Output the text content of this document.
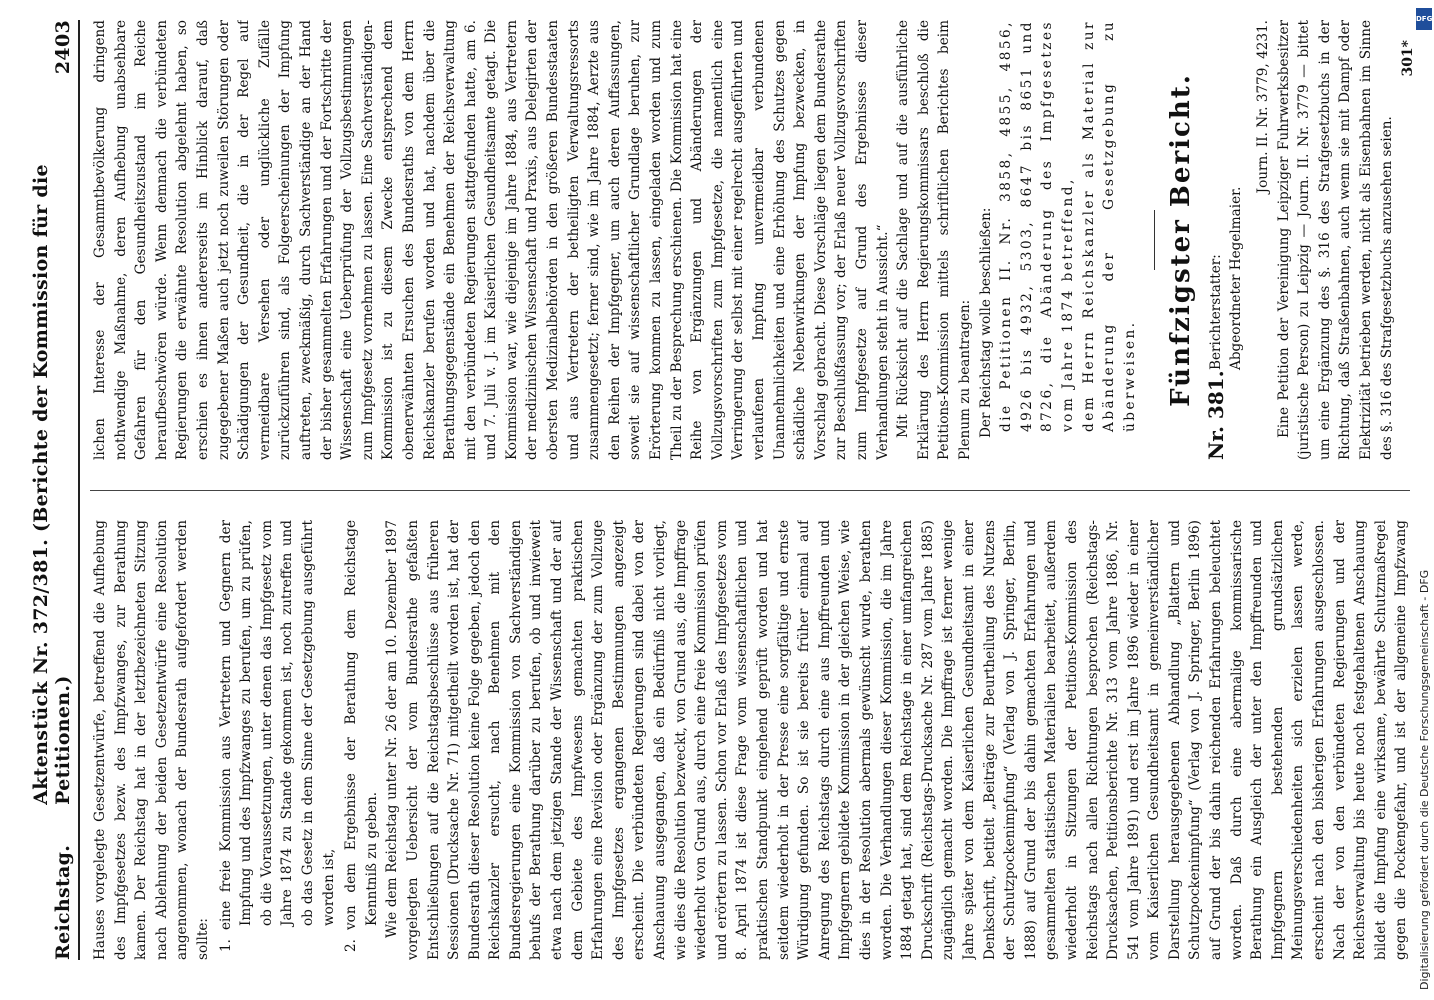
Reichstag.
Aktenstück Nr. 372/381. (Berichte der Kommission für die Petitionen.)
2403

Hauses vorgelegte Gesetzentwürfe, betreffend die Aufhebung des Impfgesetzes bezw. des Impfzwanges, zur Berathung kamen. Der Reichstag hat in der letztbezeichneten Sitzung nach Ablehnung der beiden Gesetzentwürfe eine Resolution angenommen, wonach der Bundesrath aufgefordert werden sollte: 1.eine freie Kommission aus Vertretern und Gegnern der Impfung und des Impfzwanges zu berufen, um zu prüfen, ob die Voraussetzungen, unter denen das Impfgesetz vom Jahre 1874 zu Stande gekommen ist, noch zutreffen und ob das Gesetz in dem Sinne der Gesetzgebung ausgeführt worden ist,

2.von dem Ergebnisse der Berathung dem Reichstage Kenntniß zu geben. Wie dem Reichstag unter Nr. 26 der am 10. Dezember 1897 vorgelegten Uebersicht der vom Bundesrathe gefaßten Entschließungen auf die Reichstagsbeschlüsse aus früheren Sessionen (Drucksache Nr. 71) mitgetheilt worden ist, hat der Bundesrath dieser Resolution keine Folge gegeben, jedoch den Reichskanzler ersucht, nach Benehmen mit den Bundesregierungen eine Kommission von Sachverständigen behufs der Berathung darüber zu berufen, ob und inwieweit etwa nach dem jetzigen Stande der Wissenschaft und der auf dem Gebiete des Impfwesens gemachten praktischen Erfahrungen eine Revision oder Ergänzung der zum Vollzuge des Impfgesetzes ergangenen Bestimmungen angezeigt erscheint. Die verbündeten Regierungen sind dabei von der Anschauung ausgegangen, daß ein Bedürfniß nicht vorliegt, wie dies die Resolution bezweckt, von Grund aus, die Impffrage wiederholt von Grund aus, durch eine freie Kommission prüfen und erörtern zu lassen. Schon vor Erlaß des Impfgesetzes vom 8. April 1874 ist diese Frage vom wissenschaftlichen und praktischen Standpunkt eingehend geprüft worden und hat seitdem wiederholt in der Presse eine sorgfältige und ernste Würdigung gefunden. So ist sie bereits früher einmal auf Anregung des Reichstags durch eine aus Impffreunden und Impfgegnern gebildete Kommission in der gleichen Weise, wie dies in der Resolution abermals gewünscht wurde, berathen worden. Die Verhandlungen dieser Kommission, die im Jahre 1884 getagt hat, sind dem Reichstage in einer umfangreichen Druckschrift (Reichstags-Drucksache Nr. 287 vom Jahre 1885) zugänglich gemacht worden. Die Impffrage ist ferner wenige Jahre später von dem Kaiserlichen Gesundheitsamt in einer Denkschrift, betitelt „Beiträge zur Beurtheilung des Nutzens der Schutzpockenimpfung“ (Verlag von J. Springer, Berlin, 1888) auf Grund der bis dahin gemachten Erfahrungen und gesammelten statistischen Materialien bearbeitet, außerdem wiederholt in Sitzungen der Petitions-Kommission des Reichstags nach allen Richtungen besprochen (Reichstags-Drucksachen, Petitionsberichte Nr. 313 vom Jahre 1886, Nr. 541 vom Jahre 1891) und erst im Jahre 1896 wieder in einer vom Kaiserlichen Gesundheitsamt in gemeinverständlicher Darstellung herausgegebenen Abhandlung „Blattern und Schutzpockenimpfung“ (Verlag von J. Springer, Berlin 1896) auf Grund der bis dahin reichenden Erfahrungen beleuchtet worden. Daß durch eine abermalige kommissarische Berathung ein Ausgleich der unter den Impffreunden und Impfgegnern bestehenden grundsätzlichen Meinungsverschiedenheiten sich erzielen lassen werde, erscheint nach den bisherigen Erfahrungen ausgeschlossen. Nach der von den verbündeten Regierungen und der Reichsverwaltung bis heute noch festgehaltenen Anschauung bildet die Impfung eine wirksame, bewährte Schutzmaßregel gegen die Pockengefahr, und ist der allgemeine Impfzwang

lichen Interesse der Gesammtbevölkerung dringend nothwendige Maßnahme, deren Aufhebung unabsehbare Gefahren für den Gesundheitszustand im Reiche heraufbeschwören würde. Wenn demnach die verbündeten Regierungen die erwähnte Resolution abgelehnt haben, so erschien es ihnen andererseits im Hinblick darauf, daß zugegebener Maßen auch jetzt noch zuweilen Störungen oder Schädigungen der Gesundheit, die in der Regel auf vermeidbare Versehen oder unglückliche Zufälle zurückzuführen sind, als Folgeerscheinungen der Impfung auftreten, zweckmäßig, durch Sachverständige an der Hand der bisher gesammelten Erfahrungen und der Fortschritte der Wissenschaft eine Ueberprüfung der Vollzugsbestimmungen zum Impfgesetz vornehmen zu lassen. Eine Sachverständigen-Kommission ist zu diesem Zwecke entsprechend dem obenerwähnten Ersuchen des Bundesraths von dem Herrn Reichskanzler berufen worden und hat, nachdem über die Berathungsgegenstände ein Benehmen der Reichsverwaltung mit den verbündeten Regierungen stattgefunden hatte, am 6. und 7. Juli v. J. im Kaiserlichen Gesundheitsamte getagt. Die Kommission war, wie diejenige im Jahre 1884, aus Vertretern der medizinischen Wissenschaft und Praxis, aus Delegirten der obersten Medizinalbehörden in den größeren Bundesstaaten und aus Vertretern der betheiligten Verwaltungsressorts zusammengesetzt; ferner sind, wie im Jahre 1884, Aerzte aus den Reihen der Impfgegner, um auch deren Auffassungen, soweit sie auf wissenschaftlicher Grundlage beruhen, zur Erörterung kommen zu lassen, eingeladen worden und zum Theil zu der Besprechung erschienen. Die Kommission hat eine Reihe von Ergänzungen und Abänderungen der Vollzugsvorschriften zum Impfgesetze, die namentlich eine Verringerung der selbst mit einer regelrecht ausgeführten und verlaufenen Impfung unvermeidbar verbundenen Unannehmlichkeiten und eine Erhöhung des Schutzes gegen schädliche Nebenwirkungen der Impfung bezwecken, in Vorschlag gebracht. Diese Vorschläge liegen dem Bundesrathe zur Beschlußfassung vor; der Erlaß neuer Vollzugsvorschriften zum Impfgesetze auf Grund des Ergebnisses dieser Verhandlungen steht in Aussicht.“ Mit Rücksicht auf die Sachlage und auf die ausführliche Erklärung des Herrn Regierungskommissars beschloß die Petitions-Kommission mittels schriftlichen Berichtes beim Plenum zu beantragen: Der Reichstag wolle beschließen: die Petitionen II. Nr. 3858, 4855, 4856, 4926 bis 4932, 5303, 8647 bis 8651 und 8726, die Abänderung des Impfgesetzes vom Jahre 1874 betreffend, dem Herrn Reichskanzler als Material zur Abänderung der Gesetzgebung zu überweisen. Fünfzigster Bericht.
Nr. 381.
Berichterstatter: Abgeordneter Hegelmaier.

Journ. II. Nr. 3779, 4231. Eine Petition der Vereinigung Leipziger Fuhrwerksbesitzer (juristische Person) zu Leipzig — Journ. II. Nr. 3779 — bittet um eine Ergänzung des §. 316 des Strafgesetzbuchs in der Richtung, daß Straßenbahnen, auch wenn sie mit Dampf oder Elektrizität betrieben werden, nicht als Eisenbahnen im Sinne des §. 316 des Strafgesetzbuchs anzusehen seien.

301*
DFG
Digitalisierung gefördert durch die Deutsche Forschungsgemeinschaft - DFG
